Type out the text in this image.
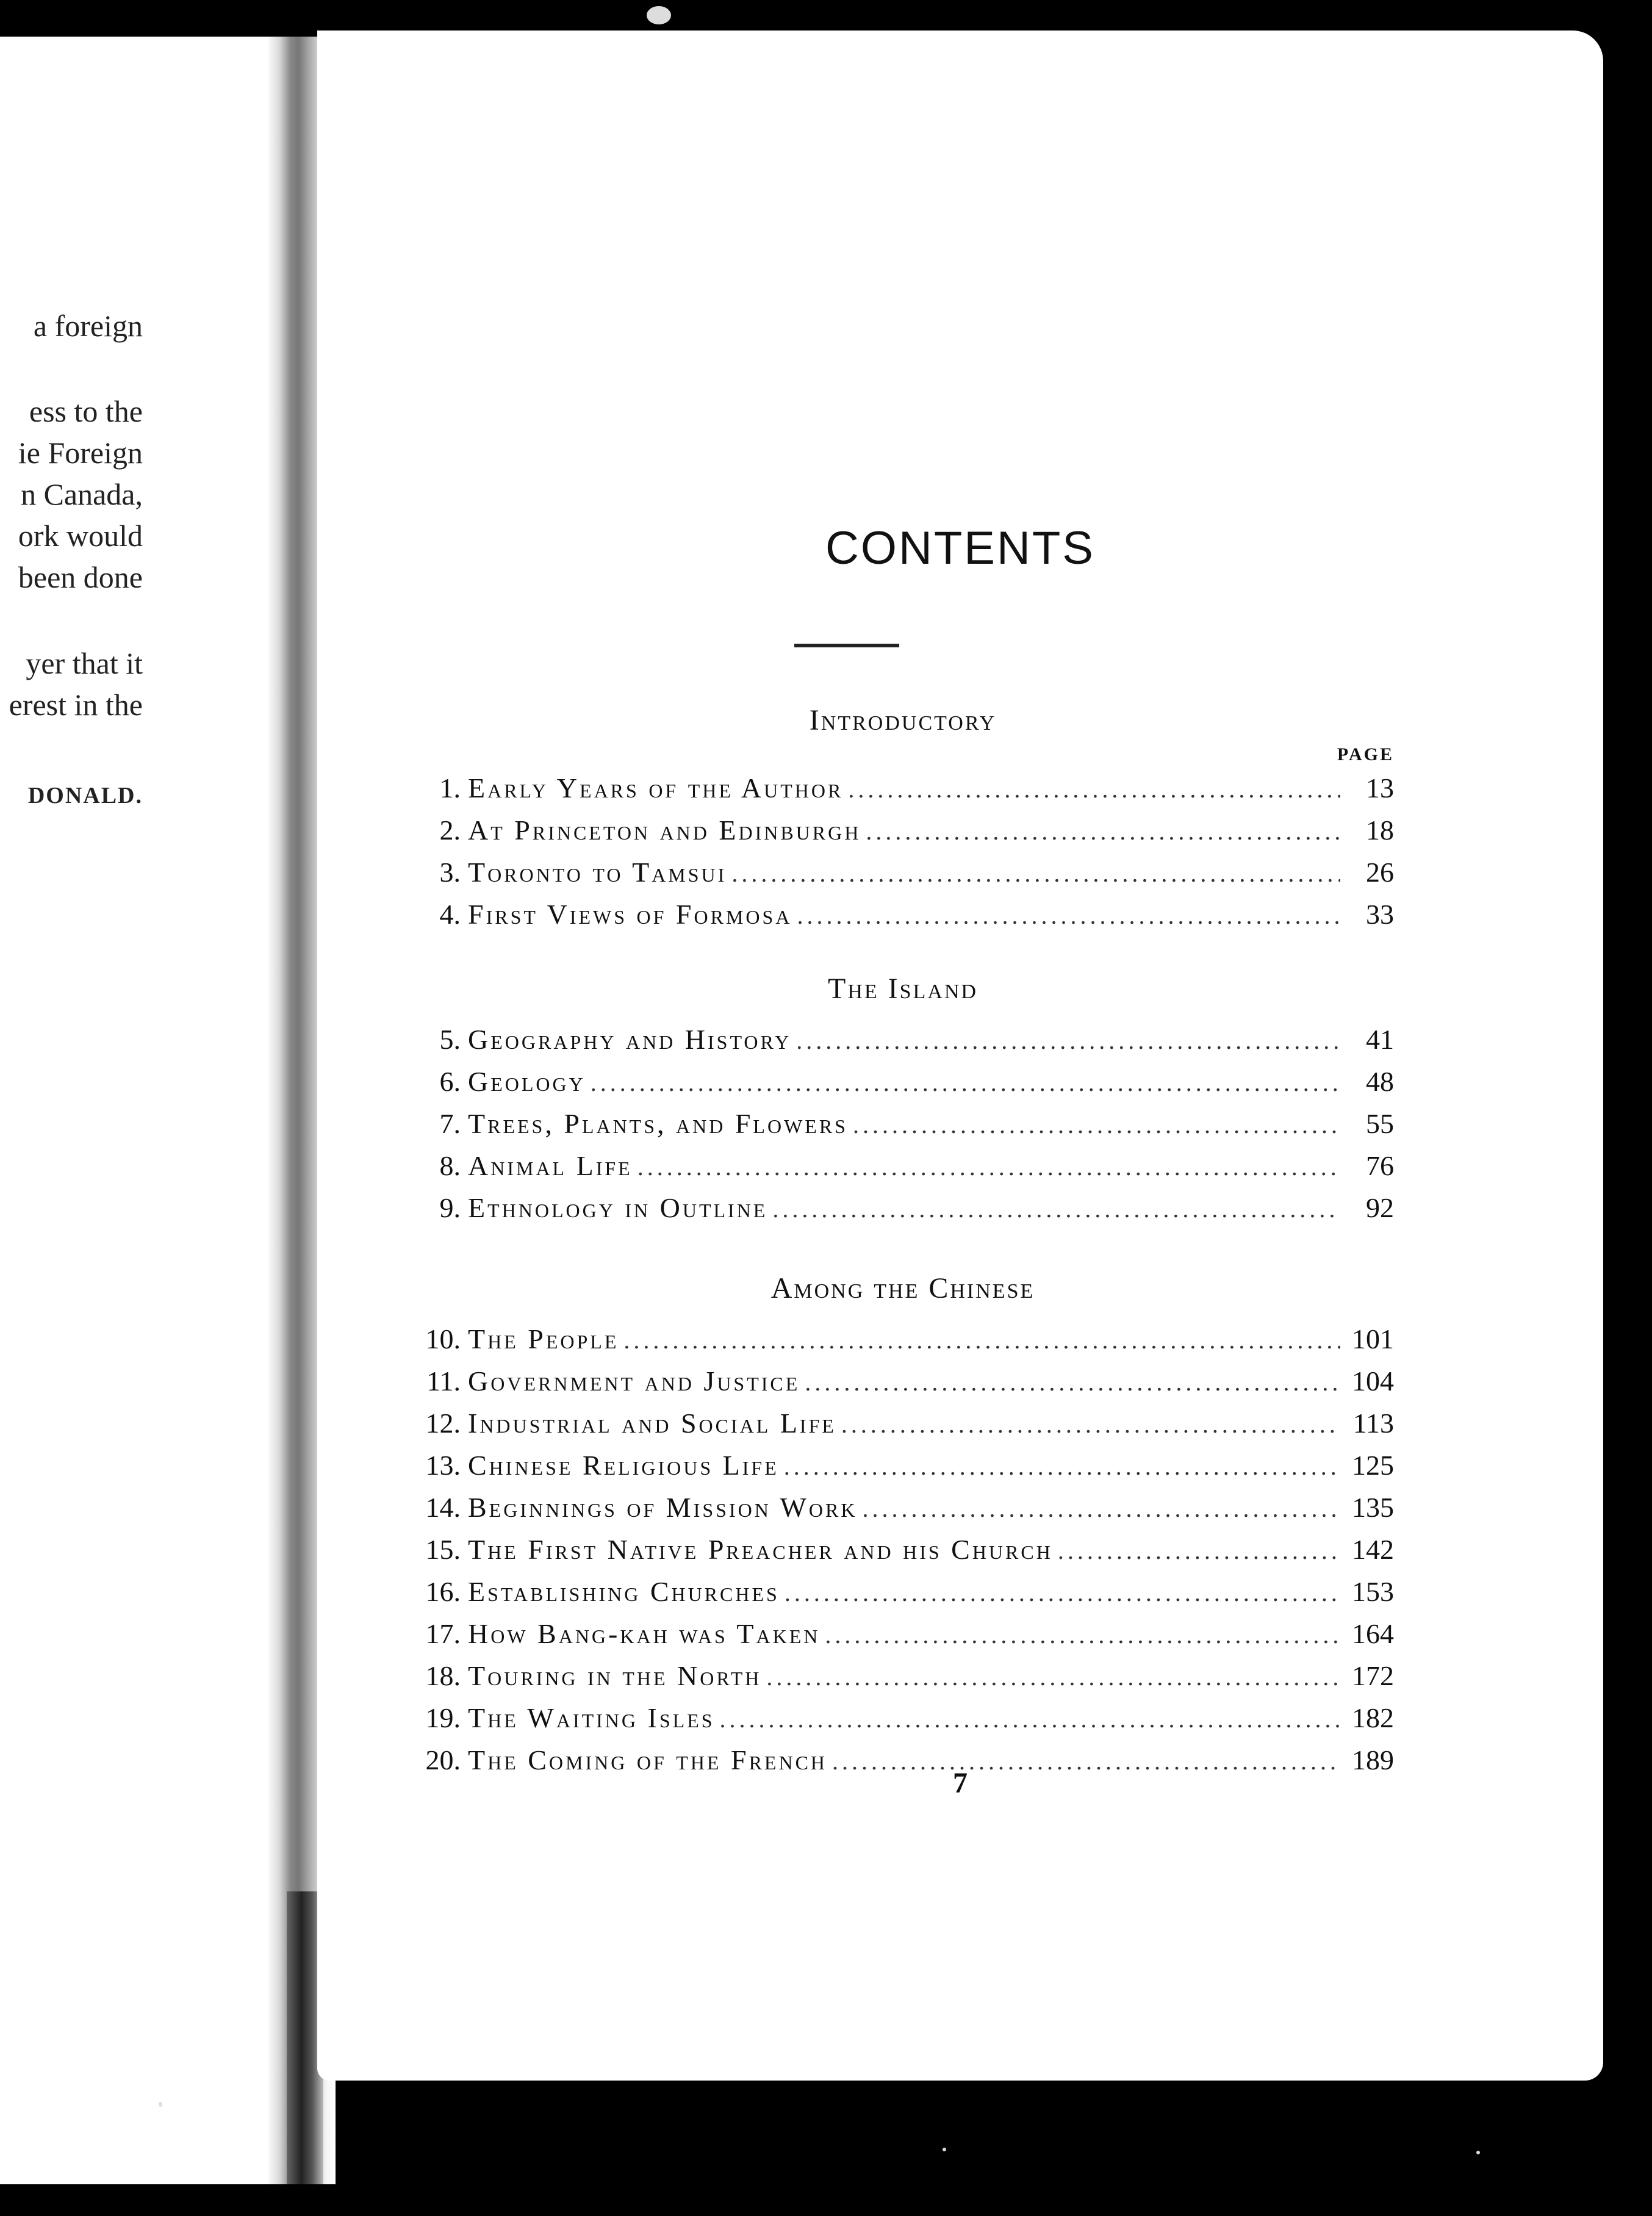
a foreign
ess to the
ie Foreign
n Canada,
ork would
been done
yer that it
erest in the
DONALD.
CONTENTS
Introductory
PAGE
1. Early Years of the Author .....	13
2. At Princeton and Edinburgh .....	18
3. Toronto to Tamsui .....	26
4. First Views of Formosa .....	33
The Island
5. Geography and History .....	41
6. Geology .....	48
7. Trees, Plants, and Flowers .....	55
8. Animal Life .....	76
9. Ethnology in Outline .....	92
Among the Chinese
10. The People .....	101
11. Government and Justice .....	104
12. Industrial and Social Life .....	113
13. Chinese Religious Life .....	125
14. Beginnings of Mission Work .....	135
15. The First Native Preacher and his Church .....	142
16. Establishing Churches .....	153
17. How Bang-kah was Taken .....	164
18. Touring in the North .....	172
19. The Waiting Isles .....	182
20. The Coming of the French .....	189
7
